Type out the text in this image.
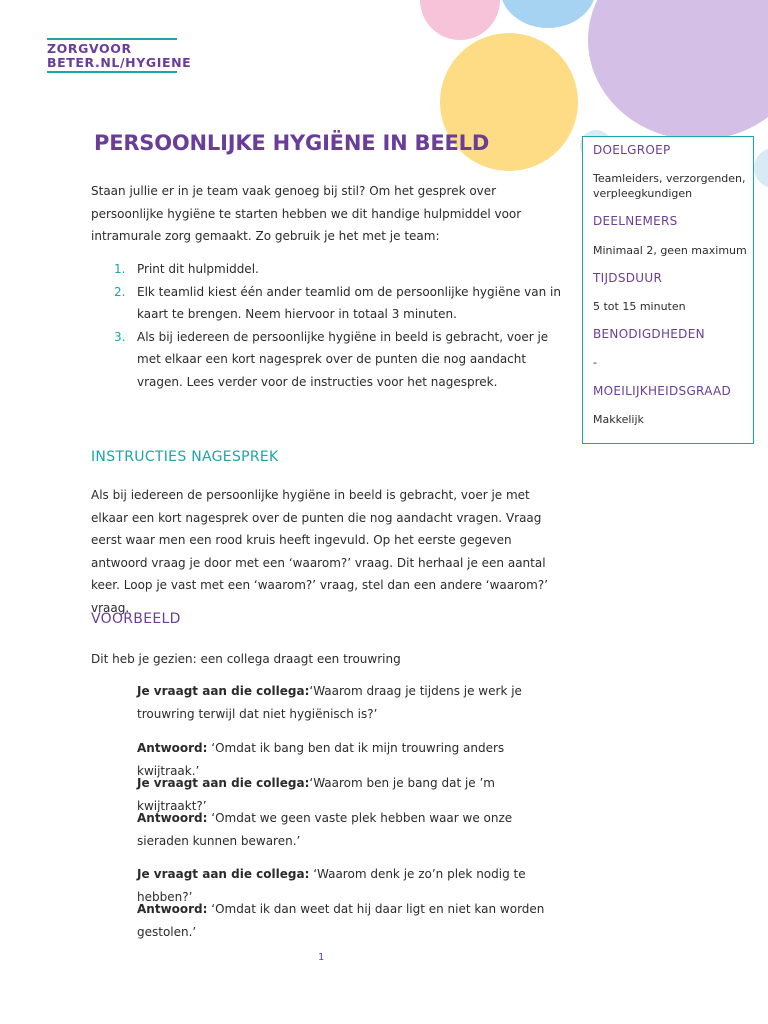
ZORGVOOR
BETER.NL/HYGIENE
PERSOONLIJKE HYGIËNE IN BEELD
Staan jullie er in je team vaak genoeg bij stil? Om het gesprek over persoonlijke hygiëne te starten hebben we dit handige hulpmiddel voor intramurale zorg gemaakt. Zo gebruik je het met je team:
1. Print dit hulpmiddel.
2. Elk teamlid kiest één ander teamlid om de persoonlijke hygiëne van in kaart te brengen. Neem hiervoor in totaal 3 minuten.
3. Als bij iedereen de persoonlijke hygiëne in beeld is gebracht, voer je met elkaar een kort nagesprek over de punten die nog aandacht vragen. Lees verder voor de instructies voor het nagesprek.
INSTRUCTIES NAGESPREK
Als bij iedereen de persoonlijke hygiëne in beeld is gebracht, voer je met elkaar een kort nagesprek over de punten die nog aandacht vragen. Vraag eerst waar men een rood kruis heeft ingevuld. Op het eerste gegeven antwoord vraag je door met een ‘waarom?’ vraag. Dit herhaal je een aantal keer. Loop je vast met een ‘waarom?’ vraag, stel dan een andere ‘waarom?’ vraag.
VOORBEELD
Dit heb je gezien: een collega draagt een trouwring
Je vraagt aan die collega:‘Waarom draag je tijdens je werk je trouwring terwijl dat niet hygiënisch is?’
Antwoord: ‘Omdat ik bang ben dat ik mijn trouwring anders kwijtraak.’
Je vraagt aan die collega:‘Waarom ben je bang dat je ’m kwijtraakt?’
Antwoord: ‘Omdat we geen vaste plek hebben waar we onze sieraden kunnen bewaren.’
Je vraagt aan die collega: ‘Waarom denk je zo’n plek nodig te hebben?’
Antwoord: ‘Omdat ik dan weet dat hij daar ligt en niet kan worden gestolen.’
DOELGROEP
Teamleiders, verzorgenden, verpleegkundigen
DEELNEMERS
Minimaal 2, geen maximum
TIJDSDUUR
5 tot 15 minuten
BENODIGDHEDEN
-
MOEILIJKHEIDSGRAAD
Makkelijk
1
